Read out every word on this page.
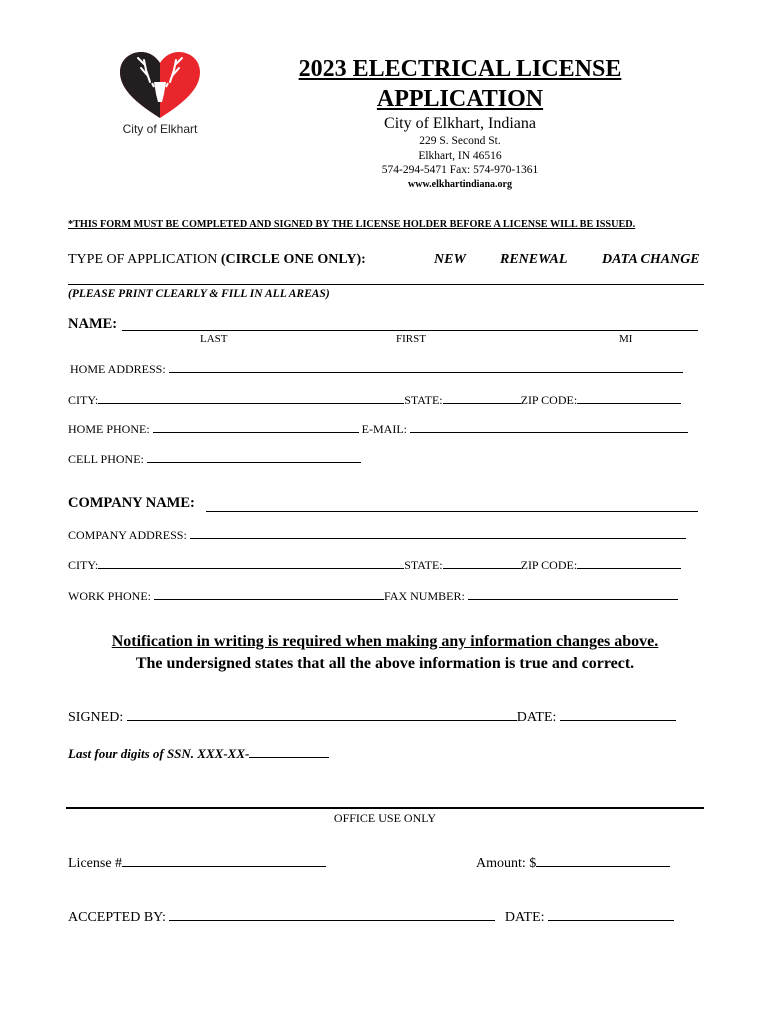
City of Elkhart
2023 ELECTRICAL LICENSE
APPLICATION
City of Elkhart, Indiana
229 S. Second St.
Elkhart, IN 46516
574-294-5471 Fax: 574-970-1361
www.elkhartindiana.org
*THIS FORM MUST BE COMPLETED AND SIGNED BY THE LICENSE HOLDER BEFORE A LICENSE WILL BE ISSUED.
TYPE OF APPLICATION (CIRCLE ONE ONLY):	NEW RENEWAL DATA CHANGE
(PLEASE PRINT CLEARLY & FILL IN ALL AREAS)
NAME:
LAST	FIRST	MI
HOME ADDRESS:
CITY:	STATE:	ZIP CODE:
HOME PHONE:	E-MAIL:
CELL PHONE:
COMPANY NAME:
COMPANY ADDRESS:
CITY:	STATE:	ZIP CODE:
WORK PHONE:	FAX NUMBER:
Notification in writing is required when making any information changes above.
The undersigned states that all the above information is true and correct.
SIGNED:	DATE:
Last four digits of SSN. XXX-XX-
OFFICE USE ONLY
License #	Amount: $
ACCEPTED BY:	DATE:
